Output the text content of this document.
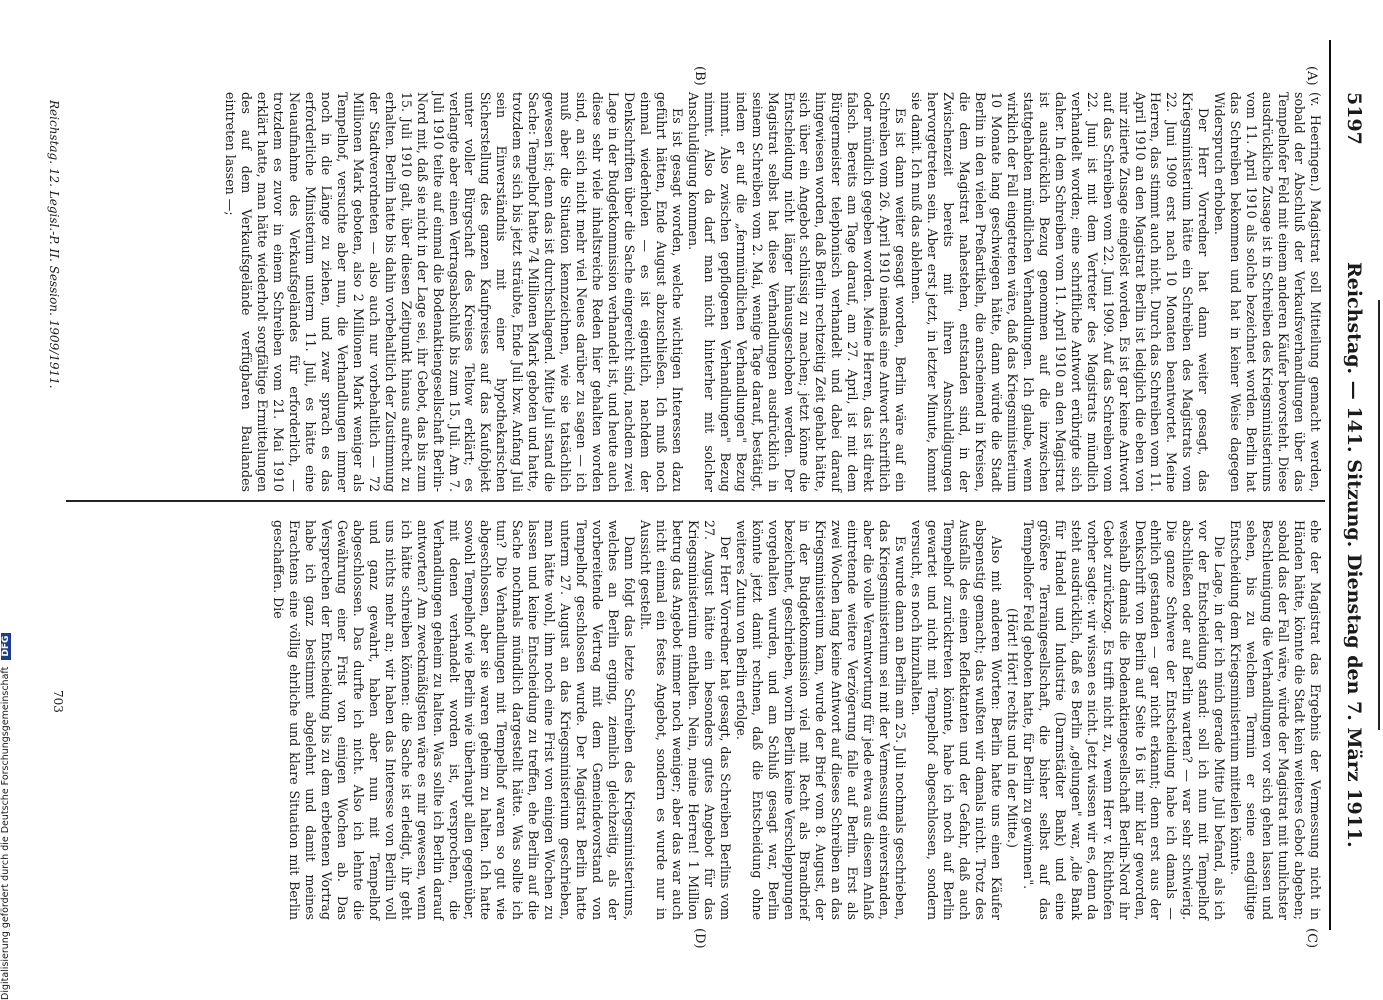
5197
Reichstag. — 141. Sitzung. Dienstag den 7. März 1911.
(A)
(B)
(C)
(D)

(v. Heeringen.) Magistrat soll Mitteilung gemacht werden, sobald der Abschluß der Verkaufsverhandlungen über das Tempelhofer Feld mit einem anderen Käufer bevorsteht. Diese ausdrückliche Zusage ist in Schreiben des Kriegsministeriums vom 11. April 1910 als solche bezeichnet worden. Berlin hat das Schreiben bekommen und hat in keiner Weise dagegen Widerspruch erhoben.

Der Herr Vorredner hat dann weiter gesagt, das Kriegsministerium hätte ein Schreiben des Magistrats vom 22. Juni 1909 erst nach 10 Monaten beantwortet. Meine Herren, das stimmt auch nicht. Durch das Schreiben vom 11. April 1910 an den Magistrat Berlin ist lediglich die eben von mir zitierte Zusage eingelöst worden. Es ist gar keine Antwort auf das Schreiben vom 22. Juni 1909. Auf das Schreiben vom 22. Juni ist mit dem Vertreter des Magistrats mündlich verhandelt worden; eine schriftliche Antwort erübrigte sich daher. In dem Schreiben vom 11. April 1910 an den Magistrat ist ausdrücklich Bezug genommen auf die inzwischen stattgehabten mündlichen Verhandlungen. Ich glaube, wenn wirklich der Fall eingetreten wäre, daß das Kriegsministerium 10 Monate lang geschwiegen hätte, dann würde die Stadt Berlin in den vielen Preßartikeln, die anscheinend in Kreisen, die dem Magistrat nahestehen, entstanden sind, in der Zwischenzeit bereits mit ihren Anschuldigungen hervorgetreten sein. Aber erst jetzt, in letzter Minute, kommt sie damit. Ich muß das ablehnen.

Es ist dann weiter gesagt worden, Berlin wäre auf ein Schreiben vom 26. April 1910 niemals eine Antwort schriftlich oder mündlich gegeben worden. Meine Herren, das ist direkt falsch. Bereits am Tage darauf, am 27. April, ist mit dem Bürgermeister telephonisch verhandelt und dabei darauf hingewiesen worden, daß Berlin rechtzeitig Zeit gehabt hätte, sich über ein Angebot schlüssig zu machen; jetzt könne die Entscheidung nicht länger hinausgeschoben werden. Der Magistrat selbst hat diese Verhandlungen ausdrücklich in seinem Schreiben vom 2. Mai, wenige Tage darauf, bestätigt, indem er auf die „fernmündlichen Verhandlungen" Bezug nimmt. Also zwischen gepflogenen Verhandlungen" Bezug nimmt. Also da darf man nicht hinterher mit solcher Anschuldigung kommen.

Es ist gesagt worden, welche wichtigen Interessen dazu geführt hätten, Ende August abzuschließen. Ich muß noch einmal wiederholen — es ist eigentlich, nachdem der Denkschriften über die Sache eingereicht sind, nachdem zwei Lage in der Budgetkommission verhandelt ist, und heute auch diese sehr viele inhaltsreiche Reden hier gehalten worden sind, an sich nicht mehr viel Neues darüber zu sagen — ich muß aber die Situation kennzeichnen, wie sie tatsächlich gewesen ist; denn das ist durchschlagend. Mitte Juli stand die Sache: Tempelhof hatte 74 Millionen Mark geboten und hatte, trotzdem es sich bis jetzt sträubte, Ende Juli bzw. Anfang Juli sein Einverständnis mit einer hypothekarischen Sicherstellung des ganzen Kaufpreises auf das Kaufobjekt unter voller Bürgschaft des Kreises Teltow erklärt; es verlangte aber einen Vertragsabschluß bis zum 15. Juli. Am 7. Juli 1910 teilte auf einmal die Bodenaktiengesellschaft Berlin-Nord mit, daß sie nicht in der Lage sei, ihr Gebot, das bis zum 15. Juli 1910 galt, über diesen Zeitpunkt hinaus aufrecht zu erhalten. Berlin hatte bis dahin vorbehaltlich der Zustimmung der Stadtverordneten — also auch nur vorbehaltlich — 72 Millionen Mark geboten, also 2 Millionen Mark weniger als Tempelhof, versuchte aber nun, die Verhandlungen immer noch in die Länge zu ziehen, und zwar sprach es das erforderliche Ministerium unterm 11. Juli, es hätte eine Neuaufnahme des Verkaufsgeländes für erforderlich, — trotzdem es zuvor in einem Schreiben vom 21. Mai 1910 erklärt hatte, man hätte wiederholt sorgfältige Ermittelungen des auf dem Verkaufsgelände verfügbaren Baulandes eintreten lassen —;

ehe der Magistrat das Ergebnis der Vermessung nicht in Händen hätte, könnte die Stadt kein weiteres Gebot abgeben; sobald das der Fall wäre, würde der Magistrat mit tunlichster Beschleunigung die Verhandlungen vor sich gehen lassen und sehen, bis zu welchem Termin er seine endgültige Entscheidung dem Kriegsministerium mitteilen könnte.

Die Lage, in der ich mich gerade Mitte Juli befand, als ich vor der Entscheidung stand: soll ich nun mit Tempelhof abschließen oder auf Berlin warten? — war sehr schwierig. Die ganze Schwere der Entscheidung habe ich damals — ehrlich gestanden — gar nicht erkannt; denn erst aus der Denkschrift von Berlin auf Seite 16 ist mir klar geworden, weshalb damals die Bodenaktiengesellschaft Berlin-Nord ihr Gebot zurückzog. Es trifft nicht zu, wenn Herr v. Richthofen vorher sagte: wir wissen es nicht. Jetzt wissen wir es, denn da steht ausdrücklich, daß es Berlin „gelungen" war, „die Bank für Handel und Industrie (Darmstädter Bank) und eine größere Terraingesellschaft, die bisher selbst auf das Tempelhofer Feld geboten hatte, für Berlin zu gewinnen".

(Hört! Hört! rechts und in der Mitte.)

Also mit anderen Worten: Berlin hatte uns einen Käufer abspenstig gemacht; das wußten wir damals nicht. Trotz des Ausfalls des einen Reflektanten und der Gefahr, daß auch Tempelhof zurücktreten könnte, habe ich noch auf Berlin gewartet und nicht mit Tempelhof abgeschlossen, sondern versucht, es noch hinzuhalten.

Es wurde dann an Berlin am 25. Juli nochmals geschrieben, das Kriegsministerium sei mit der Vermessung einverstanden, aber die volle Verantwortung für jede etwa aus diesem Anlaß eintretende weitere Verzögerung falle auf Berlin. Erst als zwei Wochen lang keine Antwort auf dieses Schreiben an das Kriegsministerium kam, wurde der Brief vom 8. August, der in der Budgetkommission viel mit Recht als Brandbrief bezeichnet, geschrieben, worin Berlin keine Verschleppungen vorgehalten wurden, und am Schluß gesagt war, Berlin könnte jetzt damit rechnen, daß die Entscheidung ohne weiteres Zutun von Berlin erfolge.

Der Herr Vorredner hat gesagt, das Schreiben Berlins vom 27. August hätte ein besonders gutes Angebot für das Kriegsministerium enthalten. Nein, meine Herren! 1 Million betrug das Angebot immer noch weniger; aber das war auch nicht einmal ein festes Angebot, sondern es wurde nur in Aussicht gestellt.

Dann folgt das letzte Schreiben des Kriegsministeriums, welches an Berlin erging, ziemlich gleichzeitig, als der vorbereitende Vertrag mit dem Gemeindevorstand von Tempelhof geschlossen wurde. Der Magistrat Berlin hatte unterm 27. August an das Kriegsministerium geschrieben, man hätte wohl, ihm noch eine Frist von einigen Wochen zu lassen und keine Entscheidung zu treffen, ehe Berlin auf die Sache nochmals mündlich dargestellt hätte. Was sollte ich tun? Die Verhandlungen mit Tempelhof waren so gut wie abgeschlossen, aber sie waren geheim zu halten. Ich hatte sowohl Tempelhof wie Berlin wie überhaupt allen gegenüber, mit denen verhandelt worden ist, versprochen, die Verhandlungen geheim zu halten. Was sollte ich Berlin darauf antworten? Am zweckmäßigsten wäre es mir gewesen, wenn ich hätte schreiben können: die Sache ist erledigt, ihr geht uns nichts mehr an; wir haben das Interesse von Berlin voll und ganz gewahrt, haben aber nun mit Tempelhof abgeschlossen. Das durfte ich nicht. Also ich lehnte die Gewährung einer Frist von einigen Wochen ab. Das Versprechen der Entscheidung bis zu dem erbetenen Vortrag habe ich ganz bestimmt abgelehnt und damit meines Erachtens eine völlig ehrliche und klare Situation mit Berlin geschaffen. Die

Reichstag. 12. Legisl.-P. II. Session. 1909/1911.
703
Digitalisierung gefördert durch die Deutsche Forschungsgemeinschaft DFG
